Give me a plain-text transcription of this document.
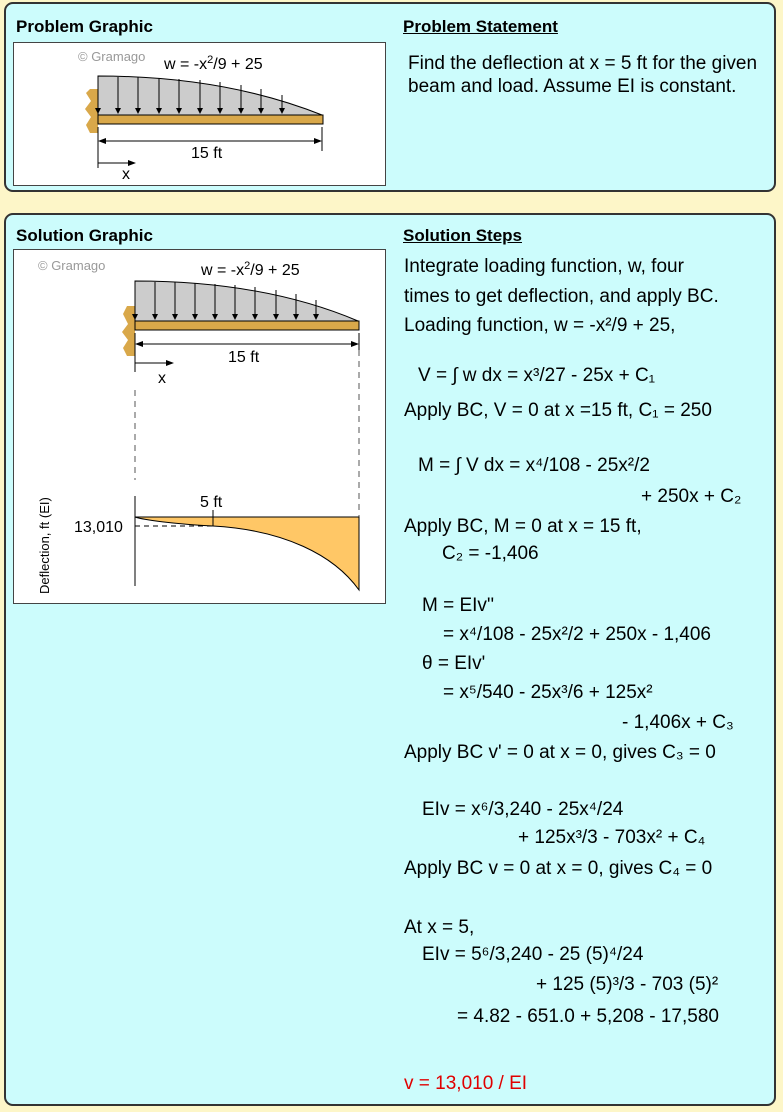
Problem Graphic	Problem Statement
© Gramago $w = -x^2/9 + 25$
15 ft
x
Find the deflection at x = 5 ft for the given beam and load. Assume EI is constant.
Solution Graphic	Solution Steps
© Gramago	$w = -x^2/9 + 25$
15 ft
x
5 ft
13,010
Deflection, ft (EI)
Integrate loading function, w, four
times to get deflection, and apply BC.
Loading function, w = -x²/9 + 25,
V = ∫ w dx = x³/27 - 25x + C₁
Apply BC, V = 0 at x =15 ft, C₁ = 250
M = ∫ V dx = x⁴/108 - 25x²/2
+ 250x + C₂
Apply BC, M = 0 at x = 15 ft,
C₂ = -1,406
M = EIv''
= x⁴/108 - 25x²/2 + 250x - 1,406
θ = EIv'
= x⁵/540 - 25x³/6 + 125x²
- 1,406x + C₃
Apply BC v' = 0 at x = 0, gives C₃ = 0
EIv = x⁶/3,240 - 25x⁴/24
+ 125x³/3 - 703x² + C₄
Apply BC v = 0 at x = 0, gives C₄ = 0
At x = 5,
EIv = 5⁶/3,240 - 25 (5)⁴/24
+ 125 (5)³/3 - 703 (5)²
= 4.82 - 651.0 + 5,208 - 17,580
v = 13,010 / EI
